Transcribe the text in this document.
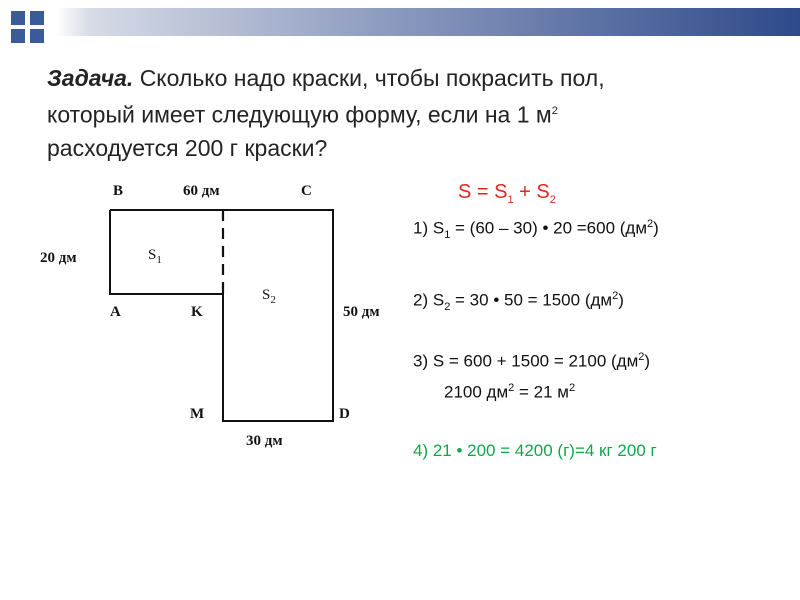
Задача. Сколько надо краски, чтобы покрасить пол,
который имеет следующую форму, если на 1 $м^2$
расходуется 200 г краски?
B	C
A	K
M	D
60 дм
20 дм
50 дм
30 дм
$S_1$
$S_2$
$S = S_1 + S_2$
1) $S_1 = (60 - 30)$ • 20 =600 $(дм^2)$
2) $S_2 = 30$ • 50 = 1500 $(дм^2)$
3) S = 600 + 1500 = 2100 $(дм^2)$
2100 $дм^2 = 21$ $м^2$
4) 21 • 200 = 4200 (г)=4 кг 200 г
